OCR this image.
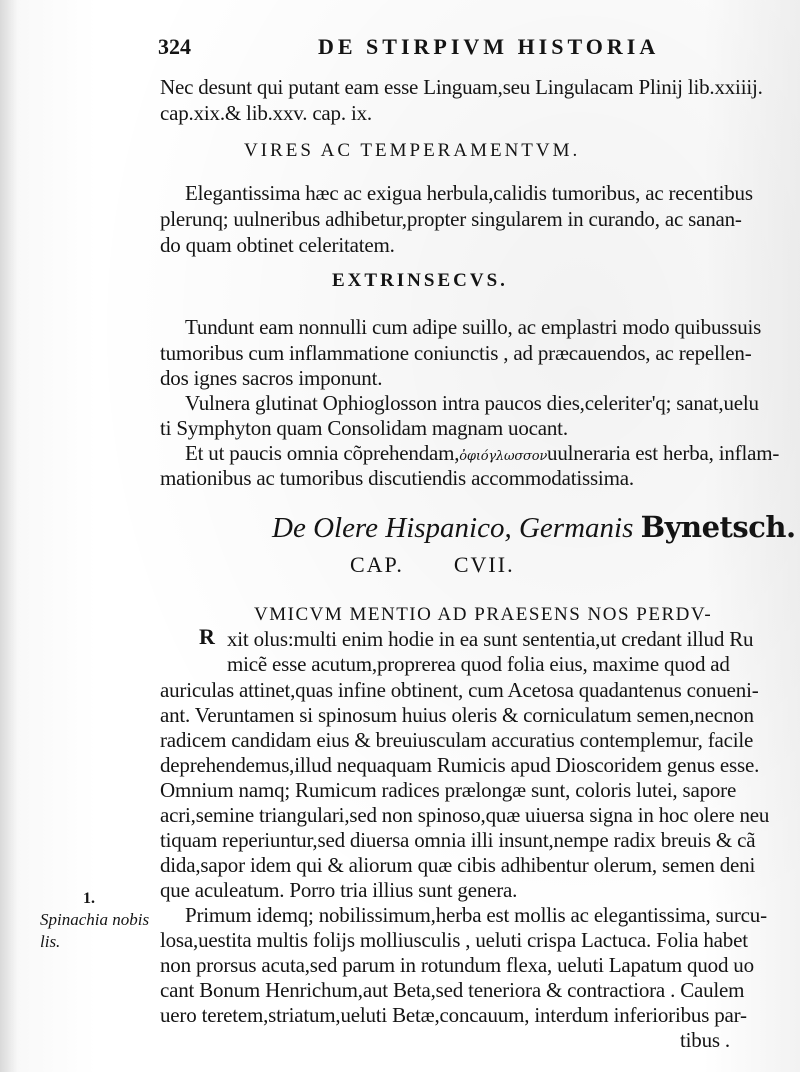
324	DE STIRPIVM HISTORIA
Nec desunt qui putant eam esse Linguam,seu Lingulacam Plinij lib.xxiiij.
cap.xix.& lib.xxv. cap. ix.
VIRES AC TEMPERAMENTVM.
Elegantissima hæc ac exigua herbula,calidis tumoribus, ac recentibus
plerunq; uulneribus adhibetur,propter singularem in curando, ac sanan-
do quam obtinet celeritatem.
EXTRINSECVS.
Tundunt eam nonnulli cum adipe suillo, ac emplastri modo quibussuis
tumoribus cum inflammatione coniunctis , ad præcauendos, ac repellen-
dos ignes sacros imponunt.
Vulnera glutinat Ophioglosson intra paucos dies,celeriter'q; sanat,uelu
ti Symphyton quam Consolidam magnam uocant.
Et ut paucis omnia cõprehendam,ὀφιόγλωσσονuulneraria est herba, inflam-
mationibus ac tumoribus discutiendis accommodatissima.
De Olere Hispanico, Germanis Bynetsch.
CAP. CVII.
R
VMICVM MENTIO AD PRAESENS NOS PERDV-
xit olus:multi enim hodie in ea sunt sententia,ut credant illud Ru
micẽ esse acutum,proprerea quod folia eius, maxime quod ad
auriculas attinet,quas infine obtinent, cum Acetosa quadantenus conueni-
ant. Veruntamen si spinosum huius oleris & corniculatum semen,necnon
radicem candidam eius & breuiusculam accuratius contemplemur, facile
deprehendemus,illud nequaquam Rumicis apud Dioscoridem genus esse.
Omnium namq; Rumicum radices prælongæ sunt, coloris lutei, sapore
acri,semine triangulari,sed non spinoso,quæ uiuersa signa in hoc olere neu
tiquam reperiuntur,sed diuersa omnia illi insunt,nempe radix breuis & cã
dida,sapor idem qui & aliorum quæ cibis adhibentur olerum, semen deni
que aculeatum. Porro tria illius sunt genera.
Primum idemq; nobilissimum,herba est mollis ac elegantissima, surcu-
losa,uestita multis folijs molliusculis , ueluti crispa Lactuca. Folia habet
non prorsus acuta,sed parum in rotundum flexa, ueluti Lapatum quod uo
cant Bonum Henrichum,aut Beta,sed teneriora & contractiora . Caulem
uero teretem,striatum,ueluti Betæ,concauum, interdum inferioribus par-
tibus .
1.
Spinachia nobis
lis.
